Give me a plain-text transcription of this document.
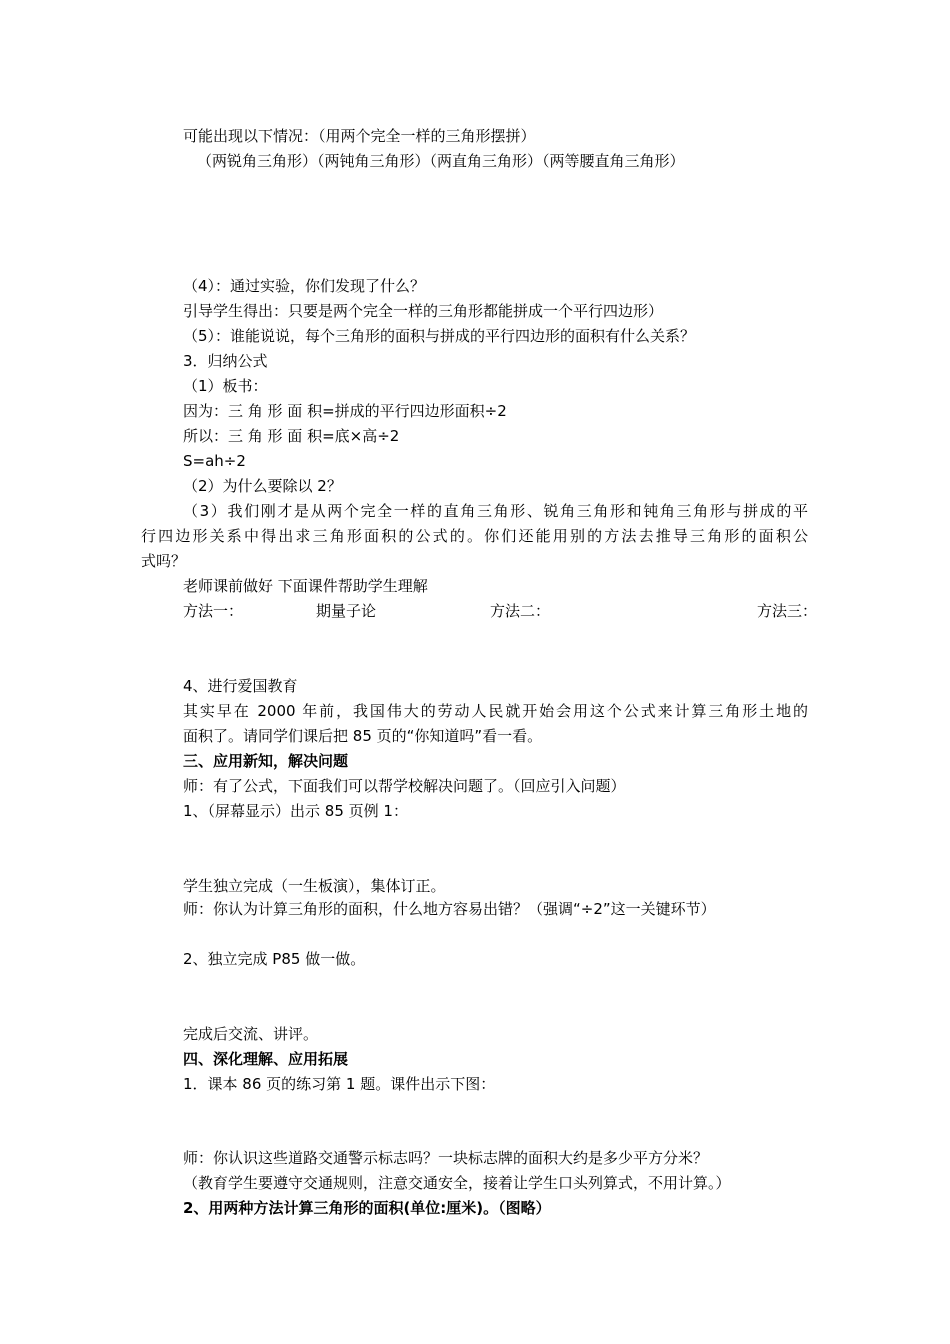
可能出现以下情况：（用两个完全一样的三角形摆拼）
（两锐角三角形）（两钝角三角形）（两直角三角形）（两等腰直角三角形）
（4）：通过实验，你们发现了什么？
引导学生得出：只要是两个完全一样的三角形都能拼成一个平行四边形）
（5）：谁能说说，每个三角形的面积与拼成的平行四边形的面积有什么关系？
3．归纳公式
（1）板书：
因为：三 角 形 面 积=拼成的平行四边形面积÷2
所以：三 角 形 面 积=底×高÷2
S=ah÷2
（2）为什么要除以 2？
（3）我们刚才是从两个完全一样的直角三角形、锐角三角形和钝角三角形与拼成的平
行四边形关系中得出求三角形面积的公式的。你们还能用别的方法去推导三角形的面积公
式吗？
老师课前做好 下面课件帮助学生理解
方法一：	期量子论	方法二：	方法三：
4、进行爱国教育
其实早在 2000 年前，我国伟大的劳动人民就开始会用这个公式来计算三角形土地的
面积了。请同学们课后把 85 页的“你知道吗”看一看。
三、应用新知，解决问题
师：有了公式，下面我们可以帮学校解决问题了。（回应引入问题）
1、（屏幕显示）出示 85 页例 1：
学生独立完成（一生板演），集体订正。
师：你认为计算三角形的面积，什么地方容易出错？（强调“÷2”这一关键环节）
2、独立完成 P85 做一做。
完成后交流、讲评。
四、深化理解、应用拓展
1．课本 86 页的练习第 1 题。课件出示下图：
师：你认识这些道路交通警示标志吗？一块标志牌的面积大约是多少平方分米？
（教育学生要遵守交通规则，注意交通安全，接着让学生口头列算式，不用计算。）
2、用两种方法计算三角形的面积(单位:厘米)。（图略）
